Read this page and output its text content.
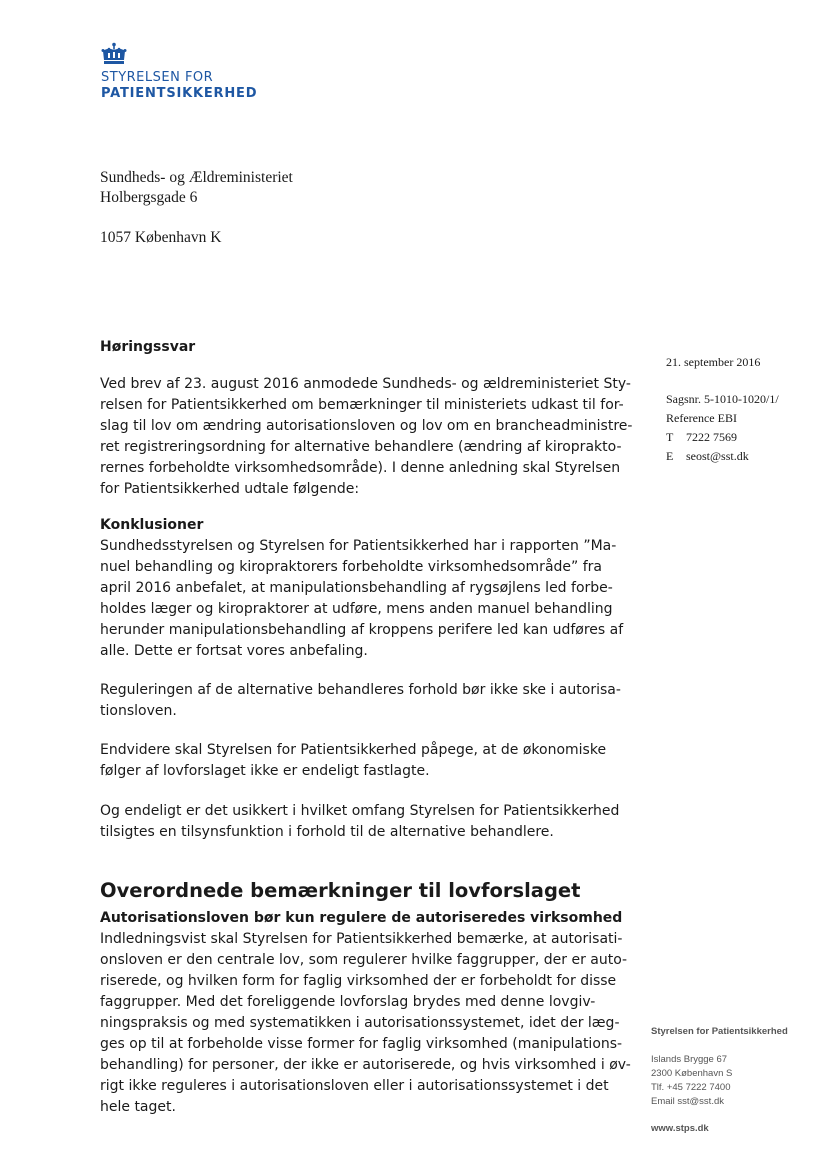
STYRELSEN FOR
PATIENTSIKKERHED
Sundheds- og Ældreministeriet
Holbergsgade 6
1057 København K
21. september 2016
Sagsnr. 5-1010-1020/1/
Reference EBI
T 7222 7569
E seost@sst.dk
Høringssvar
Ved brev af 23. august 2016 anmodede Sundheds- og ældreministeriet Sty-
relsen for Patientsikkerhed om bemærkninger til ministeriets udkast til for-
slag til lov om ændring autorisationsloven og lov om en brancheadministre-
ret registreringsordning for alternative behandlere (ændring af kiroprakto-
rernes forbeholdte virksomhedsområde). I denne anledning skal Styrelsen
for Patientsikkerhed udtale følgende:
Konklusioner
Sundhedsstyrelsen og Styrelsen for Patientsikkerhed har i rapporten ”Ma-
nuel behandling og kiropraktorers forbeholdte virksomhedsområde” fra
april 2016 anbefalet, at manipulationsbehandling af rygsøjlens led forbe-
holdes læger og kiropraktorer at udføre, mens anden manuel behandling
herunder manipulationsbehandling af kroppens perifere led kan udføres af
alle. Dette er fortsat vores anbefaling.
Reguleringen af de alternative behandleres forhold bør ikke ske i autorisa-
tionsloven.
Endvidere skal Styrelsen for Patientsikkerhed påpege, at de økonomiske
følger af lovforslaget ikke er endeligt fastlagte.
Og endeligt er det usikkert i hvilket omfang Styrelsen for Patientsikkerhed
tilsigtes en tilsynsfunktion i forhold til de alternative behandlere.
Overordnede bemærkninger til lovforslaget
Autorisationsloven bør kun regulere de autoriseredes virksomhed
Indledningsvist skal Styrelsen for Patientsikkerhed bemærke, at autorisati-
onsloven er den centrale lov, som regulerer hvilke faggrupper, der er auto-
riserede, og hvilken form for faglig virksomhed der er forbeholdt for disse
faggrupper. Med det foreliggende lovforslag brydes med denne lovgiv-
ningspraksis og med systematikken i autorisationssystemet, idet der læg-
ges op til at forbeholde visse former for faglig virksomhed (manipulations-
behandling) for personer, der ikke er autoriserede, og hvis virksomhed i øv-
rigt ikke reguleres i autorisationsloven eller i autorisationssystemet i det
hele taget.
Styrelsen for Patientsikkerhed
Islands Brygge 67
2300 København S
Tlf. +45 7222 7400
Email sst@sst.dk
www.stps.dk
